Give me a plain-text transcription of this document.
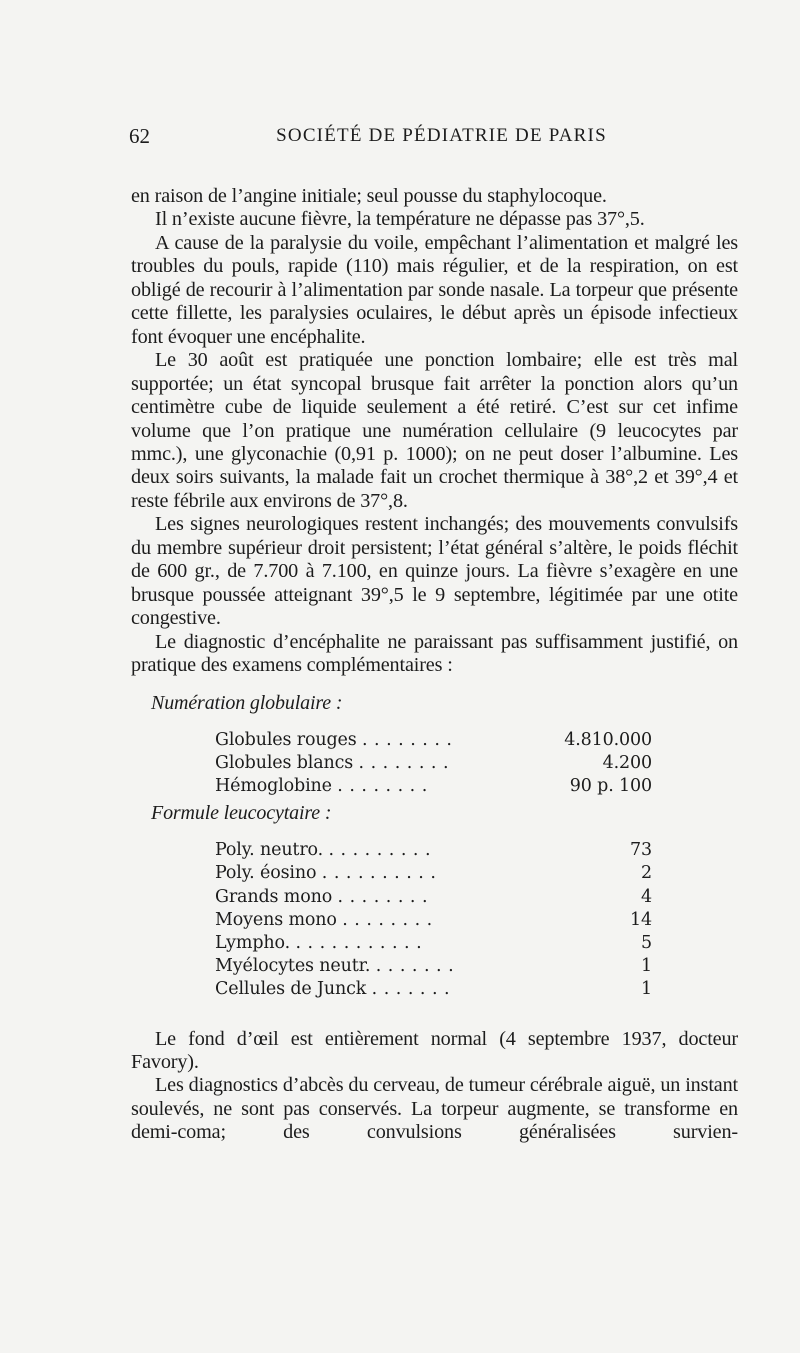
62	SOCIÉTÉ DE PÉDIATRIE DE PARIS

en raison de l’angine initiale; seul pousse du staphylocoque.

Il n’existe aucune fièvre, la température ne dépasse pas 37°,5.

A cause de la paralysie du voile, empêchant l’alimentation et malgré les troubles du pouls, rapide (110) mais régulier, et de la respiration, on est obligé de recourir à l’alimentation par sonde nasale. La torpeur que présente cette fillette, les paralysies oculaires, le début après un épisode infectieux font évoquer une encéphalite.

Le 30 août est pratiquée une ponction lombaire; elle est très mal supportée; un état syncopal brusque fait arrêter la ponction alors qu’un centimètre cube de liquide seulement a été retiré. C’est sur cet infime volume que l’on pratique une numération cellulaire (9 leucocytes par mmc.), une glyconachie (0,91 p. 1000); on ne peut doser l’albumine. Les deux soirs suivants, la malade fait un crochet thermique à 38°,2 et 39°,4 et reste fébrile aux environs de 37°,8.

Les signes neurologiques restent inchangés; des mouvements convulsifs du membre supérieur droit persistent; l’état général s’altère, le poids fléchit de 600 gr., de 7.700 à 7.100, en quinze jours. La fièvre s’exagère en une brusque poussée atteignant 39°,5 le 9 septembre, légitimée par une otite congestive.

Le diagnostic d’encéphalite ne paraissant pas suffisamment justifié, on pratique des examens complémentaires :

Numération globulaire :
Globules rouges ........	4.810.000
Globules blancs ........	4.200
Hémoglobine ........	90 p. 100
Formule leucocytaire :
Poly. neutro. .........	73
Poly. éosino ..........	2
Grands mono ........	4
Moyens mono ........	14
Lympho. ...........	5
Myélocytes neutr. .......	1
Cellules de Junck .......	1

Le fond d’œil est entièrement normal (4 septembre 1937, docteur Favory).

Les diagnostics d’abcès du cerveau, de tumeur cérébrale aiguë, un instant soulevés, ne sont pas conservés. La torpeur augmente, se transforme en demi-coma; des convulsions généralisées survien-
